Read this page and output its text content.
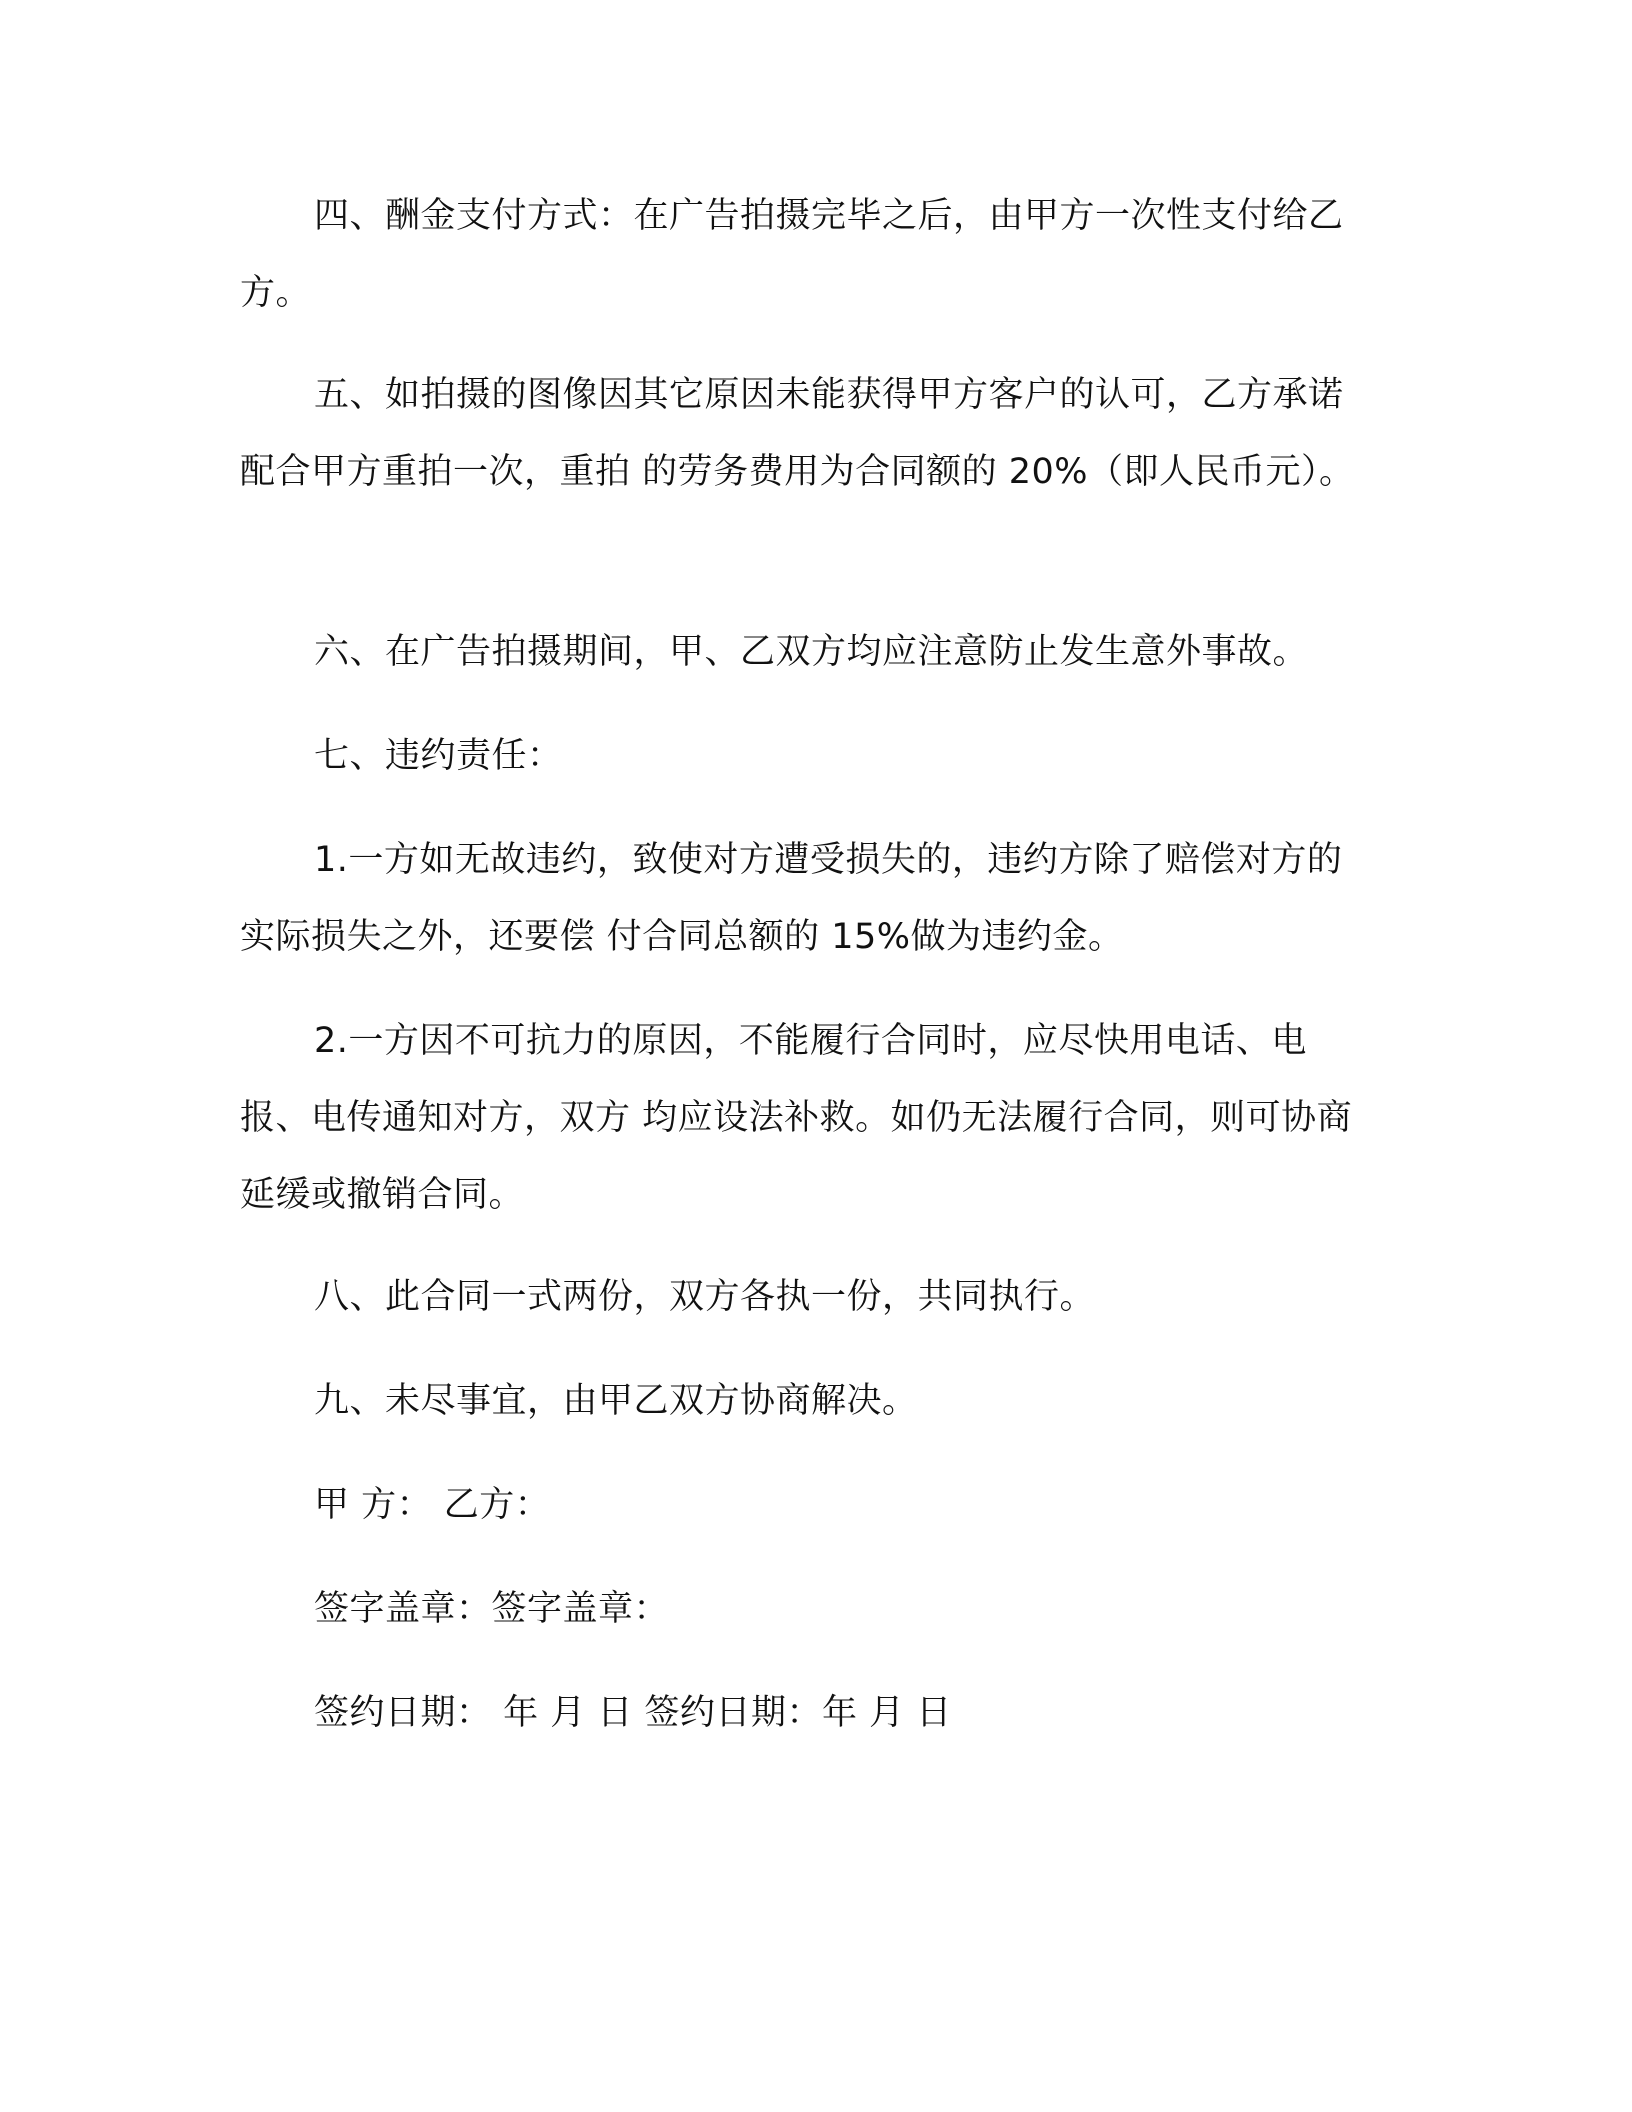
四、酬金支付方式：在广告拍摄完毕之后，由甲方一次性支付给乙方。

五、如拍摄的图像因其它原因未能获得甲方客户的认可，乙方承诺配合甲方重拍一次，重拍 的劳务费用为合同额的 20%（即人民币元）。

六、在广告拍摄期间，甲、乙双方均应注意防止发生意外事故。
七、违约责任：

1.一方如无故违约，致使对方遭受损失的，违约方除了赔偿对方的实际损失之外，还要偿 付合同总额的 15%做为违约金。

2.一方因不可抗力的原因，不能履行合同时，应尽快用电话、电报、电传通知对方，双方 均应设法补救。如仍无法履行合同，则可协商延缓或撤销合同。

八、此合同一式两份，双方各执一份，共同执行。
九、未尽事宜，由甲乙双方协商解决。
甲 方： 乙方：
签字盖章：签字盖章：
签约日期： 年 月 日 签约日期：年 月 日
